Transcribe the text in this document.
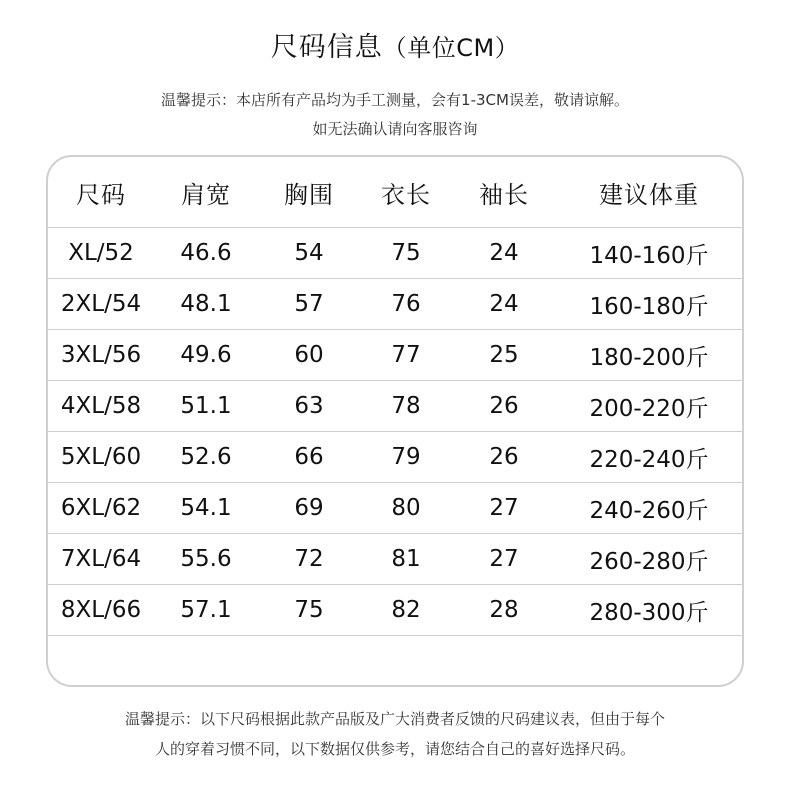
尺码信息（单位CM）
温馨提示：本店所有产品均为手工测量，会有1-3CM误差，敬请谅解。
如无法确认请向客服咨询
尺码	肩宽	胸围	衣长	袖长	建议体重
XL/52	46.6	54	75	24	140-160斤
2XL/54	48.1	57	76	24	160-180斤
3XL/56	49.6	60	77	25	180-200斤
4XL/58	51.1	63	78	26	200-220斤
5XL/60	52.6	66	79	26	220-240斤
6XL/62	54.1	69	80	27	240-260斤
7XL/64	55.6	72	81	27	260-280斤
8XL/66	57.1	75	82	28	280-300斤
温馨提示：以下尺码根据此款产品版及广大消费者反馈的尺码建议表，但由于每个
人的穿着习惯不同，以下数据仅供参考，请您结合自己的喜好选择尺码。
